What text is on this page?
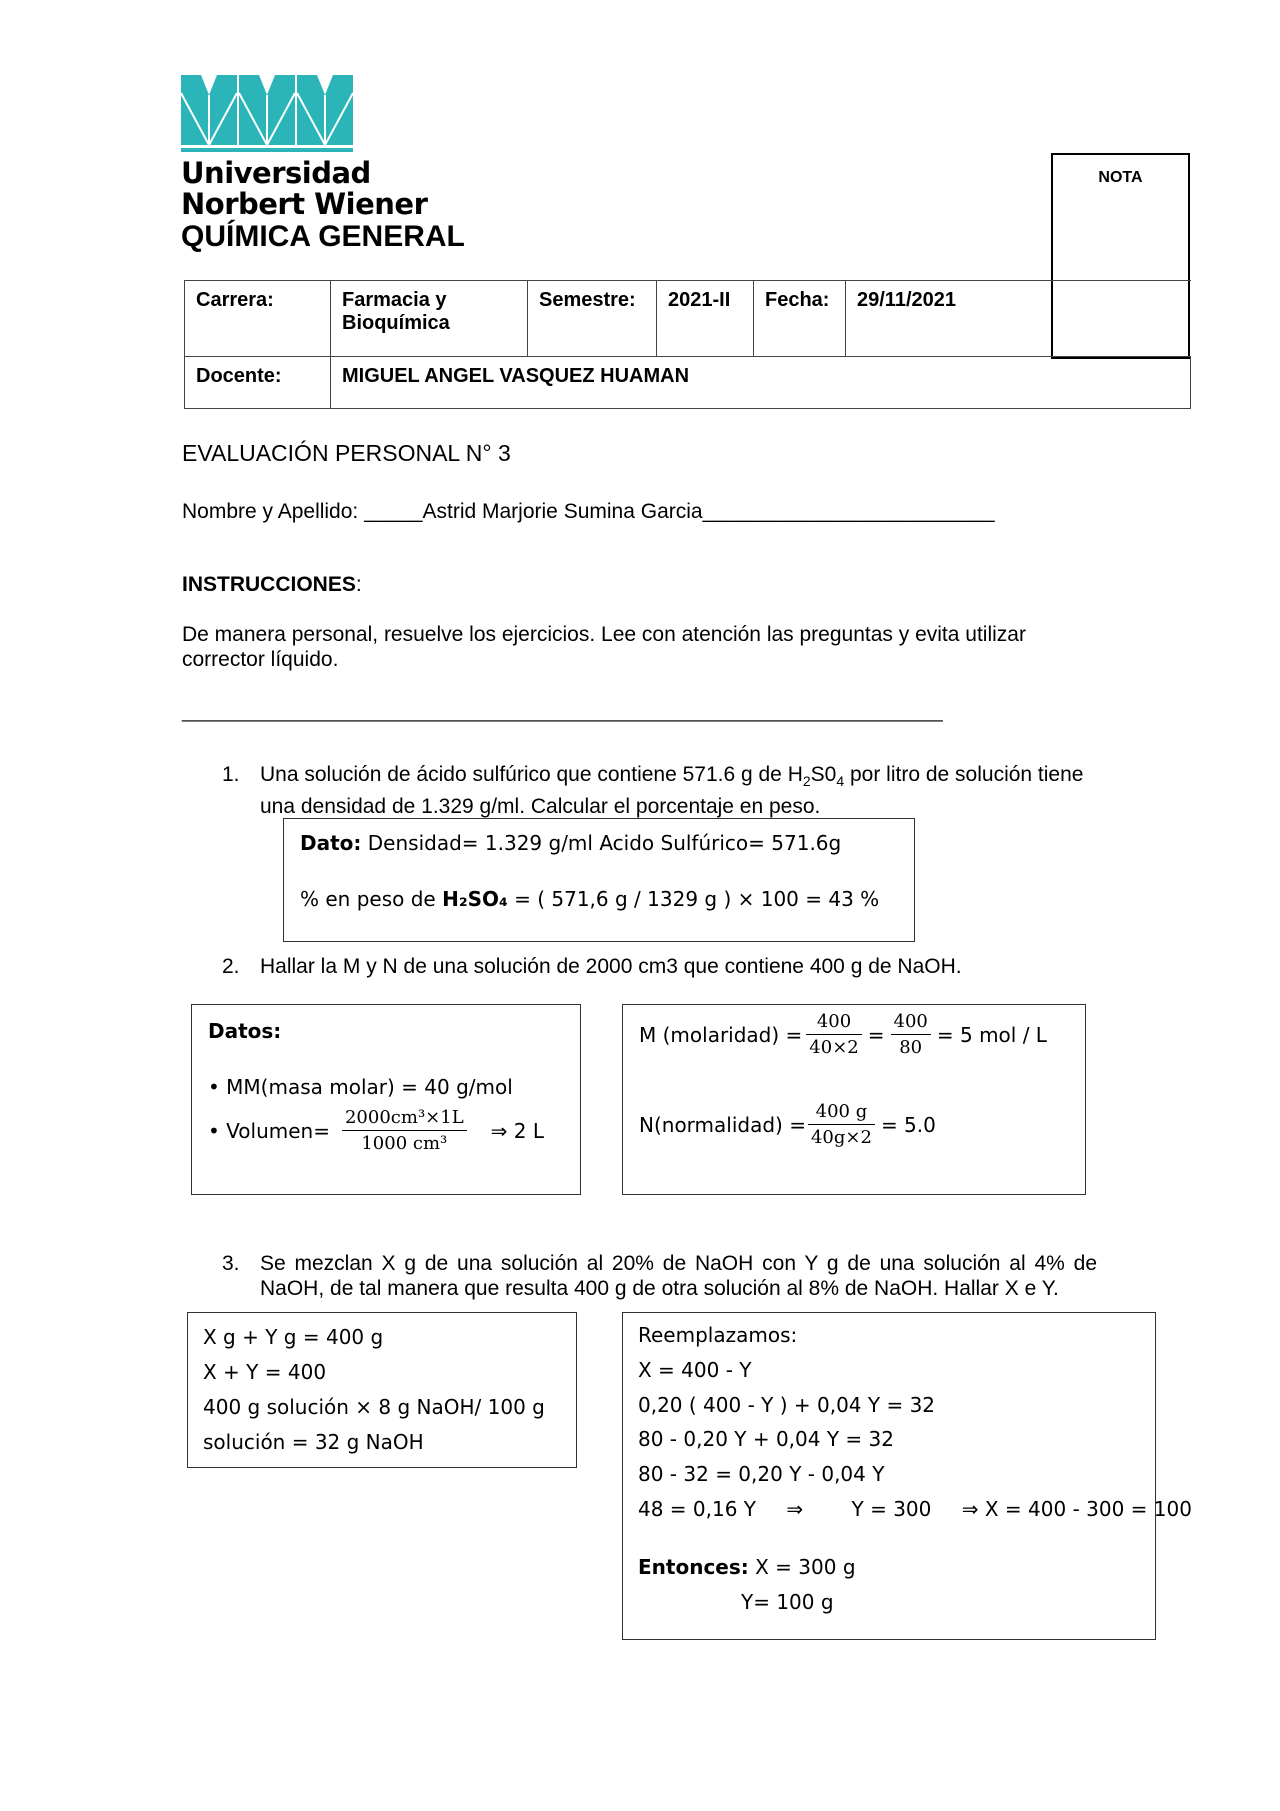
Universidad
Norbert Wiener
QUÍMICA GENERAL
NOTA
Carrera:	Farmacia y
Bioquímica	Semestre:	2021-II	Fecha:	29/11/2021
Docente:	MIGUEL ANGEL VASQUEZ HUAMAN				
EVALUACIÓN PERSONAL N° 3
Nombre y Apellido: _____Astrid Marjorie Sumina Garcia_________________________
INSTRUCCIONES:
De manera personal, resuelve los ejercicios. Lee con atención las preguntas y evita utilizar
corrector líquido.
____________________________________________________________________________
1. Una solución de ácido sulfúrico que contiene 571.6 g de $H_2S0_4$ por litro de solución tiene
una densidad de 1.329 g/ml. Calcular el porcentaje en peso.
Dato: Densidad= 1.329 g/ml Acido Sulfúrico= 571.6g
% en peso de H₂SO₄ = ( 571,6 g / 1329 g ) × 100 = 43 %
2. Hallar la M y N de una solución de 2000 cm3 que contiene 400 g de NaOH.
Datos:
• MM(masa molar) = 40 g/mol
• Volumen= $\frac{\text{2000cm³×1L}}{\text{1000 cm³}}$ ⇒ 2 L
M (molaridad) = $\frac{400}{40\times 2} = \frac{400}{80} = 5$ mol / L
N(normalidad) = $\frac{400 g}{40g\times 2} = 5.0$
3. Se mezclan X g de una solución al 20% de NaOH con Y g de una solución al 4% de
NaOH, de tal manera que resulta 400 g de otra solución al 8% de NaOH. Hallar X e Y.
X g + Y g = 400 g
X + Y = 400
400 g solución × 8 g NaOH/ 100 g
solución = 32 g NaOH
Reemplazamos:
X = 400 - Y
0,20 ( 400 - Y ) + 0,04 Y = 32
80 - 0,20 Y + 0,04 Y = 32
80 - 32 = 0,20 Y - 0,04 Y
48 = 0,16 Y ⇒ Y = 300 ⇒ X = 400 - 300 = 100
Entonces: X = 300 g
Y= 100 g
